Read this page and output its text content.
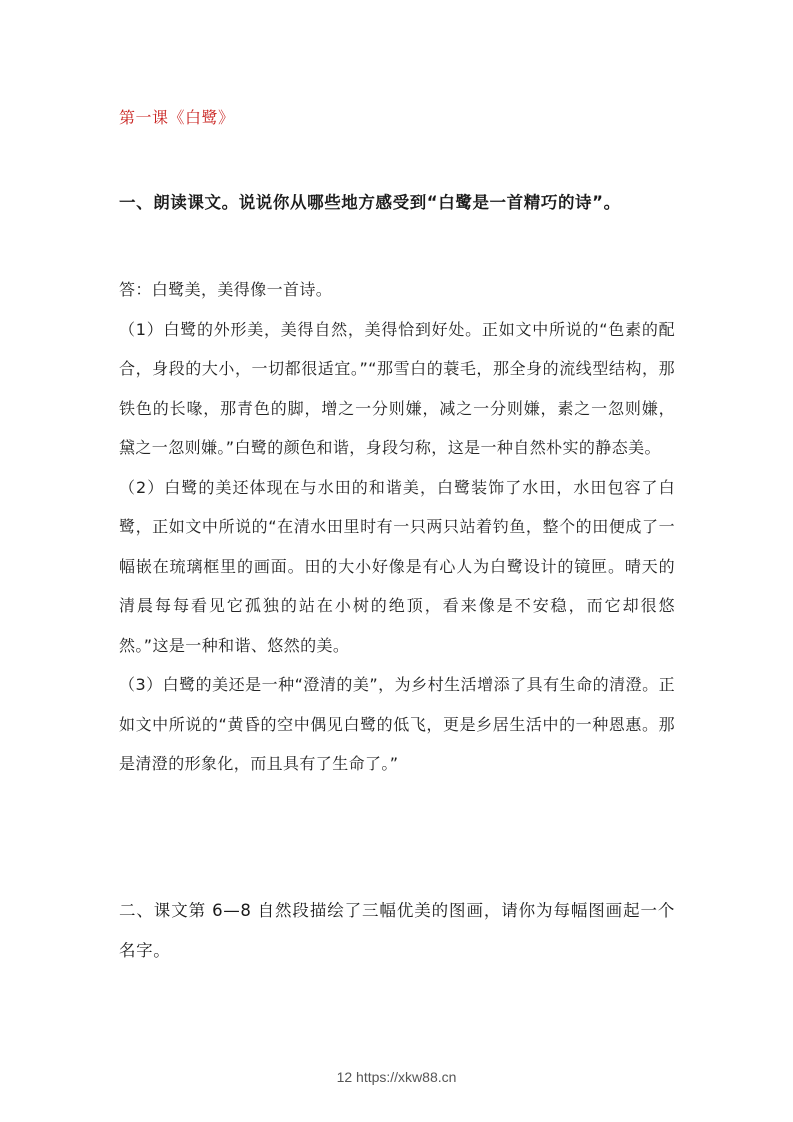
第一课《白鹭》
一、朗读课文。说说你从哪些地方感受到“白鹭是一首精巧的诗”。

答：白鹭美，美得像一首诗。

（1）白鹭的外形美，美得自然，美得恰到好处。正如文中所说的“色素的配合，身段的大小，一切都很适宜。”“那雪白的蓑毛，那全身的流线型结构，那铁色的长喙，那青色的脚，增之一分则嫌，减之一分则嫌，素之一忽则嫌，黛之一忽则嫌。”白鹭的颜色和谐，身段匀称，这是一种自然朴实的静态美。

（2）白鹭的美还体现在与水田的和谐美，白鹭装饰了水田，水田包容了白鹭，正如文中所说的“在清水田里时有一只两只站着钓鱼，整个的田便成了一幅嵌在琉璃框里的画面。田的大小好像是有心人为白鹭设计的镜匣。晴天的清晨每每看见它孤独的站在小树的绝顶，看来像是不安稳，而它却很悠然。”这是一种和谐、悠然的美。

（3）白鹭的美还是一种“澄清的美”，为乡村生活增添了具有生命的清澄。正如文中所说的“黄昏的空中偶见白鹭的低飞，更是乡居生活中的一种恩惠。那是清澄的形象化，而且具有了生命了。”

二、课文第 6—8 自然段描绘了三幅优美的图画，请你为每幅图画起一个名字。
12 https://xkw88.cn
